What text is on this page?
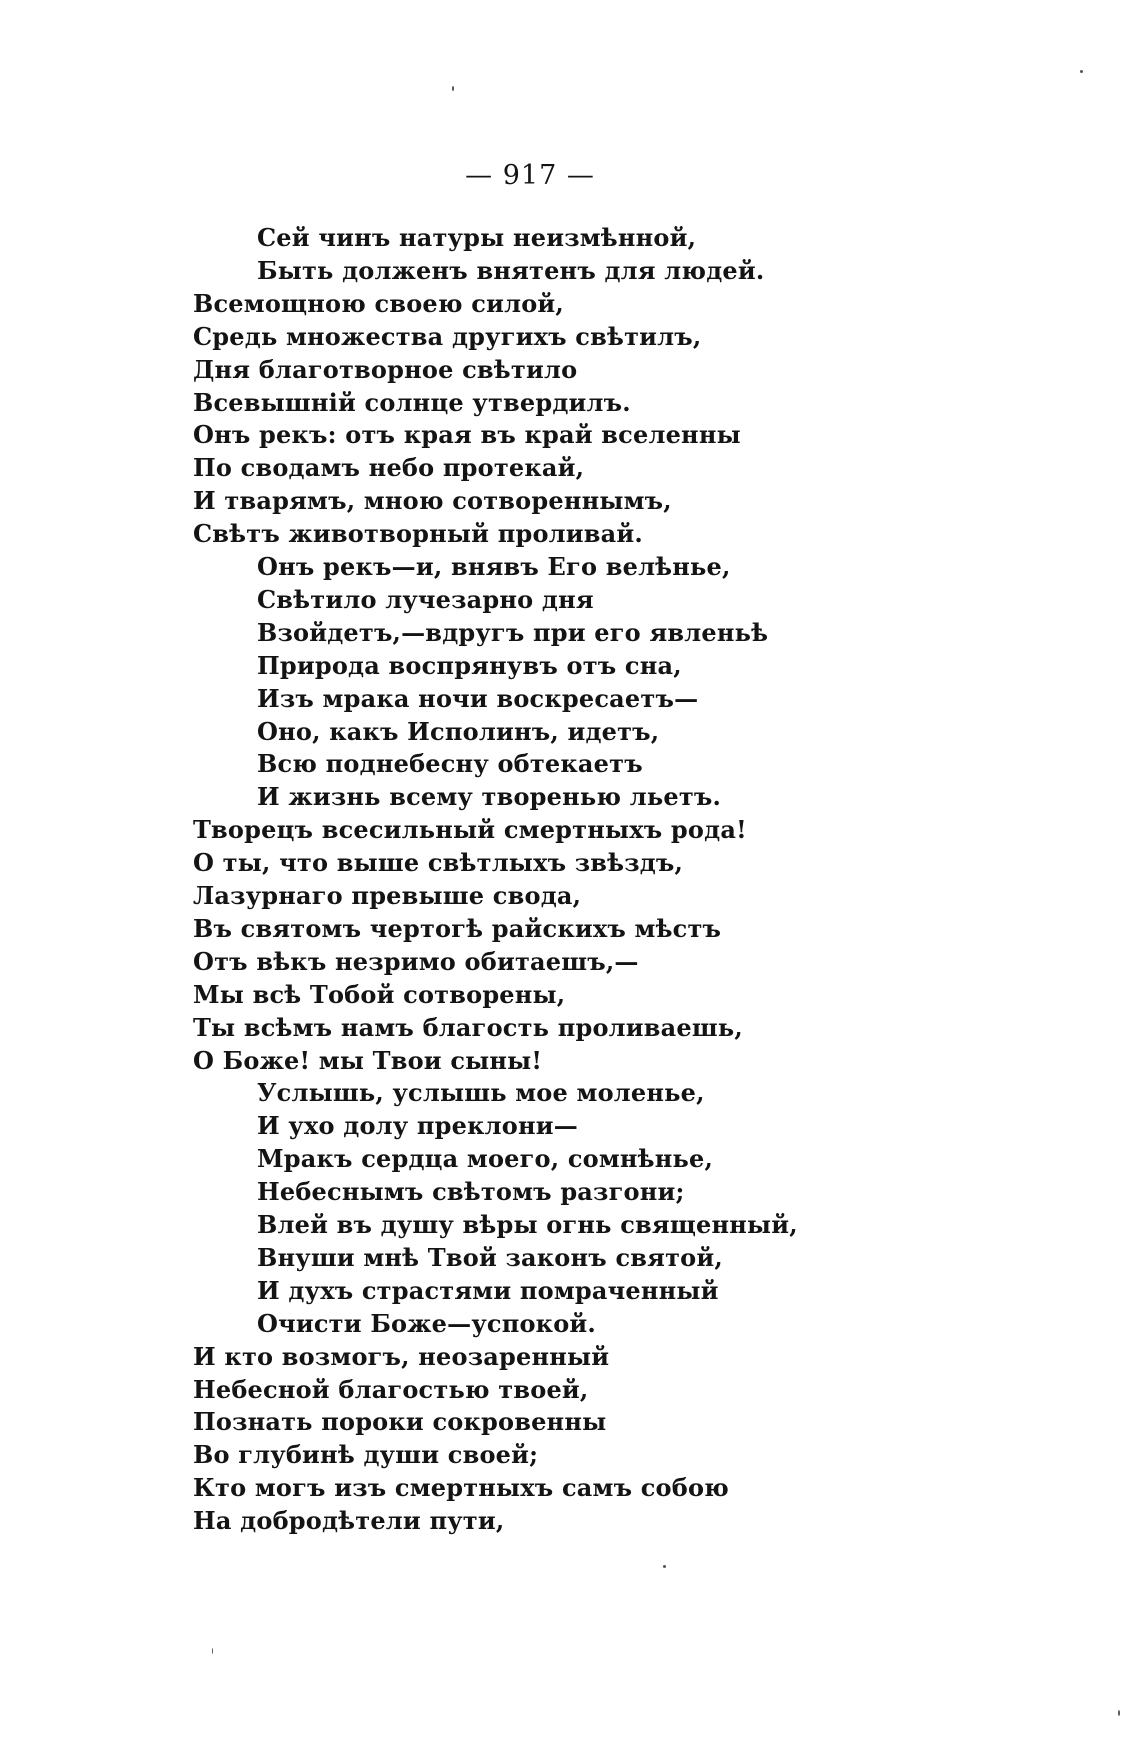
— 917 —
Сей чинъ натуры неизмѣнной,
Быть долженъ внятенъ для людей.
Всемощною своею силой,
Средь множества другихъ свѣтилъ,
Дня благотворное свѣтило
Всевышній солнце утвердилъ.
Онъ рекъ: отъ края въ край вселенны
По сводамъ небо протекай,
И тварямъ, мною сотвореннымъ,
Свѣтъ животворный проливай.
Онъ рекъ—и, внявъ Его велѣнье,
Свѣтило лучезарно дня
Взойдетъ,—вдругъ при его явленьѣ
Природа воспрянувъ отъ сна,
Изъ мрака ночи воскресаетъ—
Оно, какъ Исполинъ, идетъ,
Всю поднебесну обтекаетъ
И жизнь всему творенью льетъ.
Творецъ всесильный смертныхъ рода!
О ты, что выше свѣтлыхъ звѣздъ,
Лазурнаго превыше свода,
Въ святомъ чертогѣ райскихъ мѣстъ
Отъ вѣкъ незримо обитаешъ,—
Мы всѣ Тобой сотворены,
Ты всѣмъ намъ благость проливаешь,
О Боже! мы Твои сыны!
Услышь, услышь мое моленье,
И ухо долу преклони—
Мракъ сердца моего, сомнѣнье,
Небеснымъ свѣтомъ разгони;
Влей въ душу вѣры огнь священный,
Внуши мнѣ Твой законъ святой,
И духъ страстями помраченный
Очисти Боже—успокой.
И кто возмогъ, неозаренный
Небесной благостью твоей,
Познать пороки сокровенны
Во глубинѣ души своей;
Кто могъ изъ смертныхъ самъ собою
На добродѣтели пути,
